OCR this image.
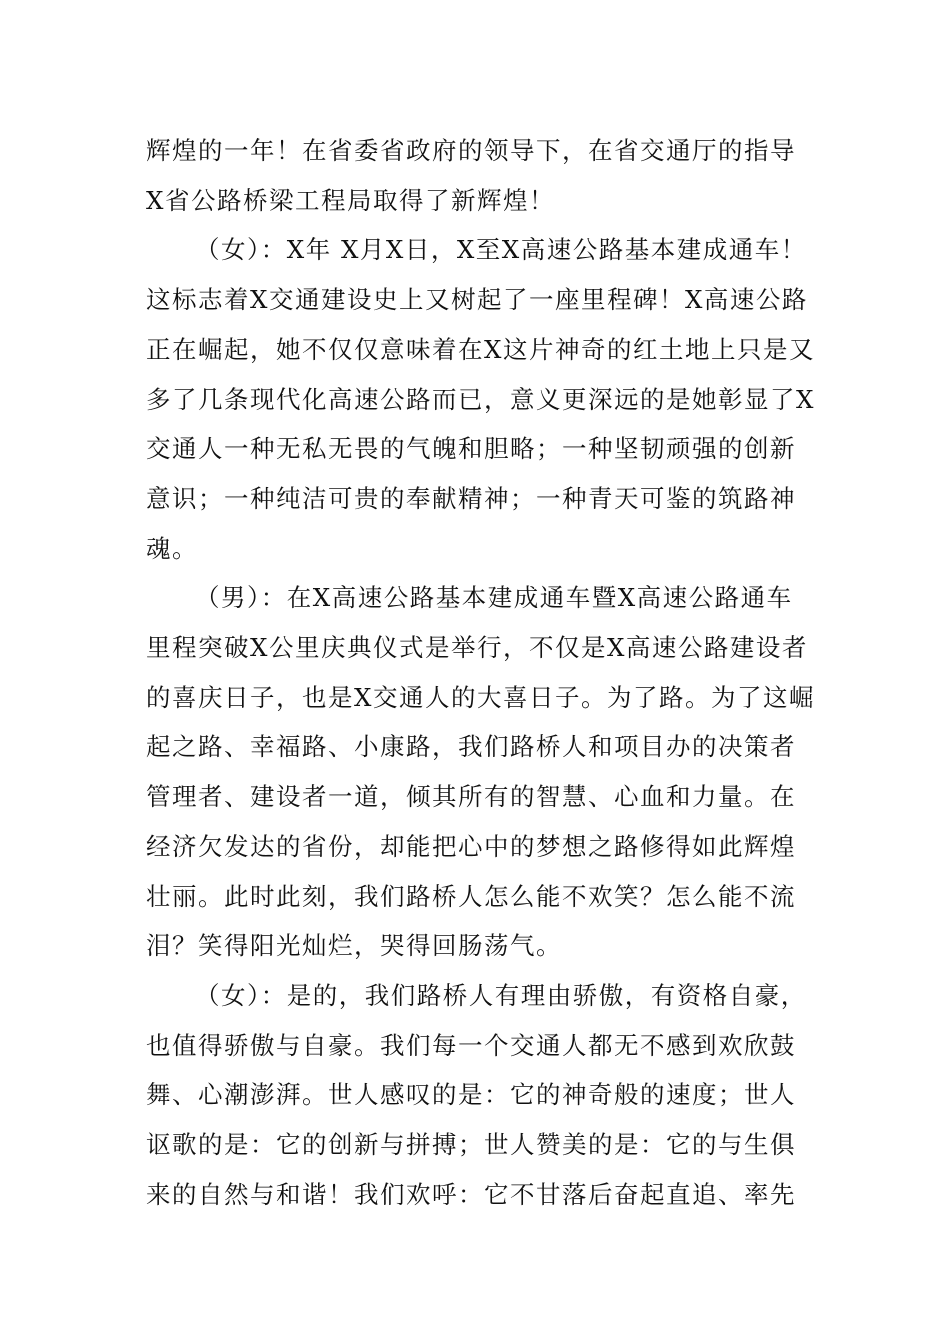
辉煌的一年！在省委省政府的领导下，在省交通厅的指导
X省公路桥梁工程局取得了新辉煌！

（女）：X年 X月X日，X至X高速公路基本建成通车！
这标志着X交通建设史上又树起了一座里程碑！X高速公路
正在崛起，她不仅仅意味着在X这片神奇的红土地上只是又
多了几条现代化高速公路而已，意义更深远的是她彰显了X
交通人一种无私无畏的气魄和胆略；一种坚韧顽强的创新
意识；一种纯洁可贵的奉献精神；一种青天可鉴的筑路神
魂。

（男）：在X高速公路基本建成通车暨X高速公路通车
里程突破X公里庆典仪式是举行，不仅是X高速公路建设者
的喜庆日子，也是X交通人的大喜日子。为了路。为了这崛
起之路、幸福路、小康路，我们路桥人和项目办的决策者
管理者、建设者一道，倾其所有的智慧、心血和力量。在
经济欠发达的省份，却能把心中的梦想之路修得如此辉煌
壮丽。此时此刻，我们路桥人怎么能不欢笑？怎么能不流
泪？笑得阳光灿烂，哭得回肠荡气。

（女）：是的，我们路桥人有理由骄傲，有资格自豪，
也值得骄傲与自豪。我们每一个交通人都无不感到欢欣鼓
舞、心潮澎湃。世人感叹的是：它的神奇般的速度；世人
讴歌的是：它的创新与拼搏；世人赞美的是：它的与生俱
来的自然与和谐！我们欢呼：它不甘落后奋起直追、率先
